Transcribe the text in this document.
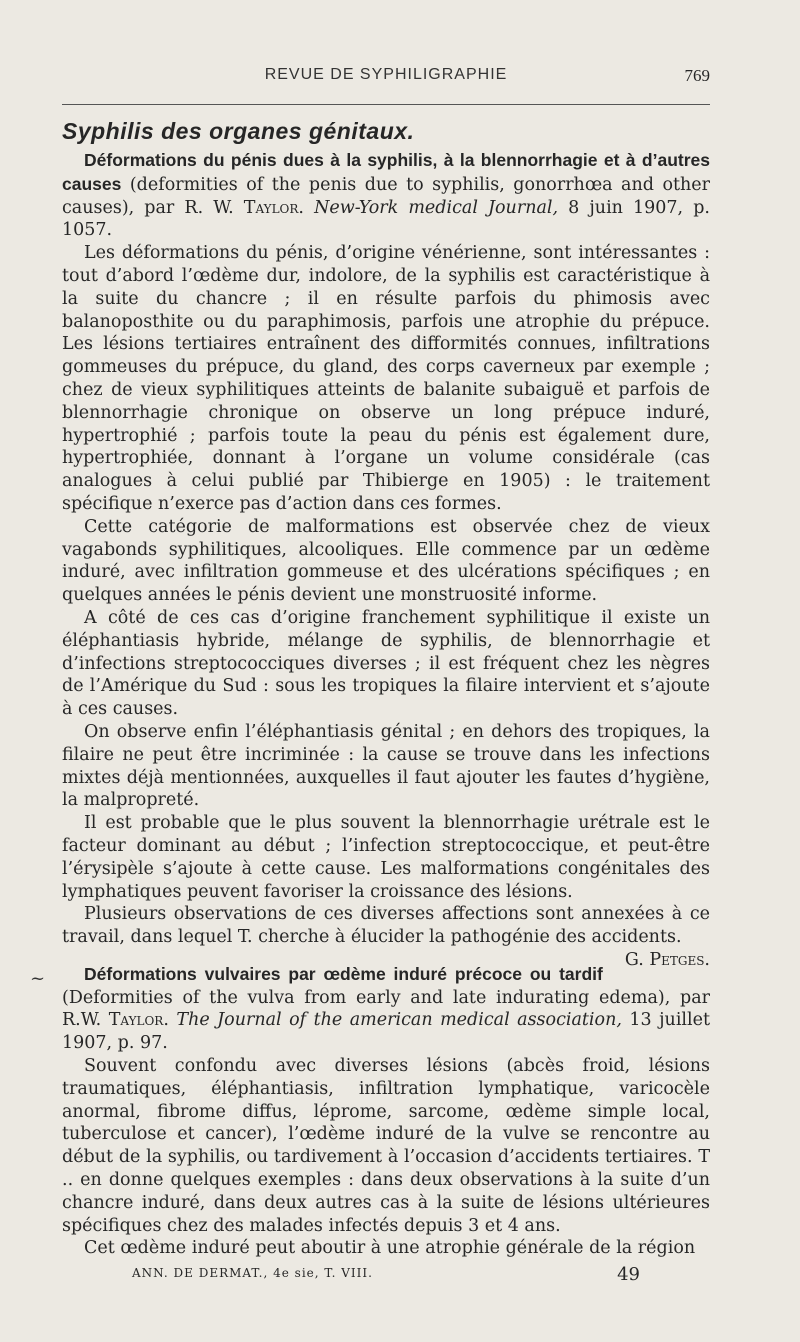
REVUE DE SYPHILIGRAPHIE	769
~
Syphilis des organes génitaux.

Déformations du pénis dues à la syphilis, à la blennorrhagie et à d’autres causes (deformities of the penis due to syphilis, gonorrhœa and other causes), par R. W. Taylor. New-York medical Journal, 8 juin 1907, p. 1057.

Les déformations du pénis, d’origine vénérienne, sont intéressantes : tout d’abord l’œdème dur, indolore, de la syphilis est caractéristique à la suite du chancre ; il en résulte parfois du phimosis avec balanoposthite ou du paraphimosis, parfois une atrophie du prépuce. Les lésions tertiaires entraînent des difformités connues, infiltrations gommeuses du prépuce, du gland, des corps caverneux par exemple ; chez de vieux syphilitiques atteints de balanite subaiguë et parfois de blennorrhagie chronique on observe un long prépuce induré, hypertrophié ; parfois toute la peau du pénis est également dure, hypertrophiée, donnant à l’organe un volume considérale (cas analogues à celui publié par Thibierge en 1905) : le traitement spécifique n’exerce pas d’action dans ces formes.

Cette catégorie de malformations est observée chez de vieux vagabonds syphilitiques, alcooliques. Elle commence par un œdème induré, avec infiltration gommeuse et des ulcérations spécifiques ; en quelques années le pénis devient une monstruosité informe.

A côté de ces cas d’origine franchement syphilitique il existe un éléphantiasis hybride, mélange de syphilis, de blennorrhagie et d’infections streptococciques diverses ; il est fréquent chez les nègres de l’Amérique du Sud : sous les tropiques la filaire intervient et s’ajoute à ces causes.

On observe enfin l’éléphantiasis génital ; en dehors des tropiques, la filaire ne peut être incriminée : la cause se trouve dans les infections mixtes déjà mentionnées, auxquelles il faut ajouter les fautes d’hygiène, la malpropreté.

Il est probable que le plus souvent la blennorrhagie urétrale est le facteur dominant au début ; l’infection streptococcique, et peut-être l’érysipèle s’ajoute à cette cause. Les malformations congénitales des lymphatiques peuvent favoriser la croissance des lésions.

Plusieurs observations de ces diverses affections sont annexées à ce travail, dans lequel T. cherche à élucider la pathogénie des accidents.
G. Petges.

Déformations vulvaires par œdème induré précoce ou tardif (Deformities of the vulva from early and late indurating edema), par R.W. Taylor. The Journal of the american medical association, 13 juillet 1907, p. 97.

Souvent confondu avec diverses lésions (abcès froid, lésions traumatiques, éléphantiasis, infiltration lymphatique, varicocèle anormal, fibrome diffus, lépromе, sarcome, œdème simple local, tuberculose et cancer), l’œdème induré de la vulve se rencontre au début de la syphilis, ou tardivement à l’occasion d’accidents tertiaires. T .. en donne quelques exemples : dans deux observations à la suite d’un chancre induré, dans deux autres cas à la suite de lésions ultérieures spécifiques chez des malades infectés depuis 3 et 4 ans.

Cet œdème induré peut aboutir à une atrophie générale de la région

ANN. DE DERMAT., 4e sie, T. VIII.	49
